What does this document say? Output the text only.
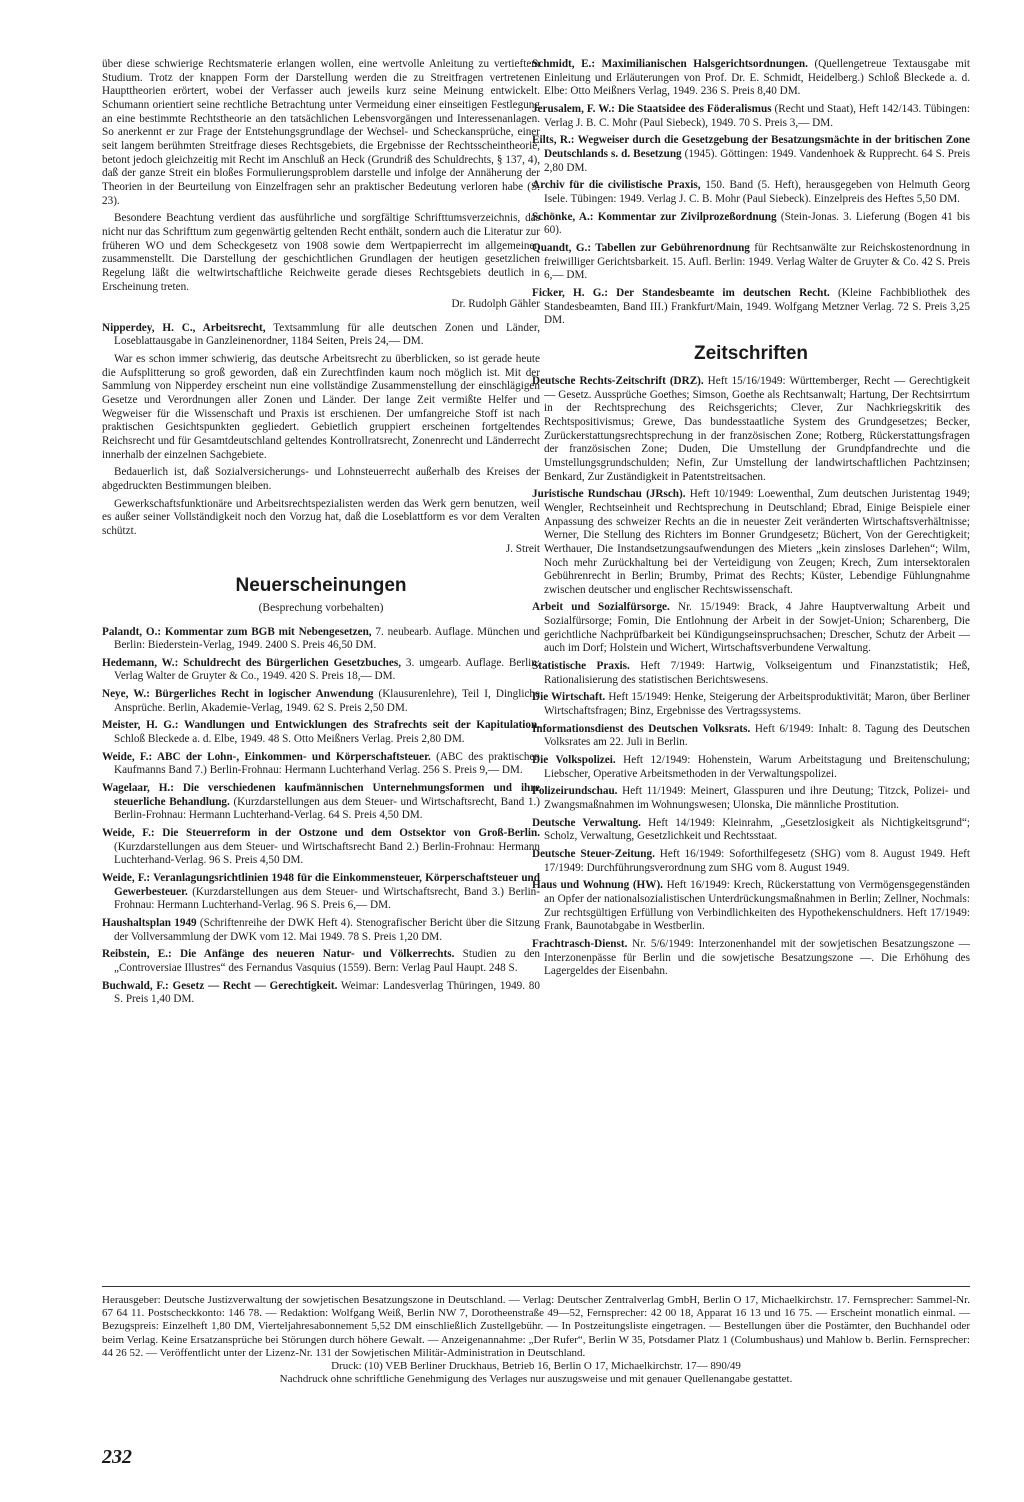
über diese schwierige Rechtsmaterie erlangen wollen, eine wertvolle Anleitung zu vertieftem Studium. Trotz der knappen Form der Darstellung werden die zu Streitfragen vertretenen Haupttheorien erörtert, wobei der Verfasser auch jeweils kurz seine Meinung entwickelt. Schumann orientiert seine rechtliche Betrachtung unter Vermeidung einer einseitigen Festlegung an eine bestimmte Rechtstheorie an den tatsächlichen Lebensvorgängen und Interessenanlagen. So anerkennt er zur Frage der Entstehungsgrundlage der Wechsel- und Scheckansprüche, einer seit langem berühmten Streitfrage dieses Rechtsgebiets, die Ergebnisse der Rechtsscheintheorie, betont jedoch gleichzeitig mit Recht im Anschluß an Heck (Grundriß des Schuldrechts, § 137, 4), daß der ganze Streit ein bloßes Formulierungsproblem darstelle und infolge der Annäherung der Theorien in der Beurteilung von Einzelfragen sehr an praktischer Bedeutung verloren habe (S. 23).

Besondere Beachtung verdient das ausführliche und sorgfältige Schrifttumsverzeichnis, das nicht nur das Schrifttum zum gegenwärtig geltenden Recht enthält, sondern auch die Literatur zur früheren WO und dem Scheckgesetz von 1908 sowie dem Wertpapierrecht im allgemeinen zusammenstellt. Die Darstellung der geschichtlichen Grundlagen der heutigen gesetzlichen Regelung läßt die weltwirtschaftliche Reichweite gerade dieses Rechtsgebiets deutlich in Erscheinung treten.

Dr. Rudolph Gähler

Nipperdey, H. C., Arbeitsrecht, Textsammlung für alle deutschen Zonen und Länder, Loseblattausgabe in Ganzleinenordner, 1184 Seiten, Preis 24,— DM.

War es schon immer schwierig, das deutsche Arbeitsrecht zu überblicken, so ist gerade heute die Aufsplitterung so groß geworden, daß ein Zurechtfinden kaum noch möglich ist. Mit der Sammlung von Nipperdey erscheint nun eine vollständige Zusammenstellung der einschlägigen Gesetze und Verordnungen aller Zonen und Länder. Der lange Zeit vermißte Helfer und Wegweiser für die Wissenschaft und Praxis ist erschienen. Der umfangreiche Stoff ist nach praktischen Gesichtspunkten gegliedert. Gebietlich gruppiert erscheinen fortgeltendes Reichsrecht und für Gesamtdeutschland geltendes Kontrollratsrecht, Zonenrecht und Länderrecht innerhalb der einzelnen Sachgebiete.

Bedauerlich ist, daß Sozialversicherungs- und Lohnsteuerrecht außerhalb des Kreises der abgedruckten Bestimmungen bleiben.

Gewerkschaftsfunktionäre und Arbeitsrechtspezialisten werden das Werk gern benutzen, weil es außer seiner Vollständigkeit noch den Vorzug hat, daß die Loseblattform es vor dem Veralten schützt.

J. Streit

Neuerscheinungen
(Besprechung vorbehalten)
Palandt, O.: Kommentar zum BGB mit Nebengesetzen, 7. neubearb. Auflage. München und Berlin: Biederstein-Verlag, 1949. 2400 S. Preis 46,50 DM.
Hedemann, W.: Schuldrecht des Bürgerlichen Gesetzbuches, 3. umgearb. Auflage. Berlin: Verlag Walter de Gruyter & Co., 1949. 420 S. Preis 18,— DM.
Neye, W.: Bürgerliches Recht in logischer Anwendung (Klausurenlehre), Teil I, Dingliche Ansprüche. Berlin, Akademie-Verlag, 1949. 62 S. Preis 2,50 DM.
Meister, H. G.: Wandlungen und Entwicklungen des Strafrechts seit der Kapitulation. Schloß Bleckede a. d. Elbe, 1949. 48 S. Otto Meißners Verlag. Preis 2,80 DM.
Weide, F.: ABC der Lohn-, Einkommen- und Körperschaftsteuer. (ABC des praktischen Kaufmanns Band 7.) Berlin-Frohnau: Hermann Luchterhand Verlag. 256 S. Preis 9,— DM.
Wagelaar, H.: Die verschiedenen kaufmännischen Unternehmungsformen und ihre steuerliche Behandlung. (Kurzdarstellungen aus dem Steuer- und Wirtschaftsrecht, Band 1.) Berlin-Frohnau: Hermann Luchterhand-Verlag. 64 S. Preis 4,50 DM.
Weide, F.: Die Steuerreform in der Ostzone und dem Ostsektor von Groß-Berlin. (Kurzdarstellungen aus dem Steuer- und Wirtschaftsrecht Band 2.) Berlin-Frohnau: Hermann Luchterhand-Verlag. 96 S. Preis 4,50 DM.
Weide, F.: Veranlagungsrichtlinien 1948 für die Einkommensteuer, Körperschaftsteuer und Gewerbesteuer. (Kurzdarstellungen aus dem Steuer- und Wirtschaftsrecht, Band 3.) Berlin-Frohnau: Hermann Luchterhand-Verlag. 96 S. Preis 6,— DM.
Haushaltsplan 1949 (Schriftenreihe der DWK Heft 4). Stenografischer Bericht über die Sitzung der Vollversammlung der DWK vom 12. Mai 1949. 78 S. Preis 1,20 DM.
Reibstein, E.: Die Anfänge des neueren Natur- und Völkerrechts. Studien zu den „Controversiae Illustres“ des Fernandus Vasquius (1559). Bern: Verlag Paul Haupt. 248 S.
Buchwald, F.: Gesetz — Recht — Gerechtigkeit. Weimar: Landesverlag Thüringen, 1949. 80 S. Preis 1,40 DM.
Schmidt, E.: Maximilianischen Halsgerichtsordnungen. (Quellengetreue Textausgabe mit Einleitung und Erläuterungen von Prof. Dr. E. Schmidt, Heidelberg.) Schloß Bleckede a. d. Elbe: Otto Meißners Verlag, 1949. 236 S. Preis 8,40 DM.
Jerusalem, F. W.: Die Staatsidee des Föderalismus (Recht und Staat), Heft 142/143. Tübingen: Verlag J. B. C. Mohr (Paul Siebeck), 1949. 70 S. Preis 3,— DM.
Eilts, R.: Wegweiser durch die Gesetzgebung der Besatzungsmächte in der britischen Zone Deutschlands s. d. Besetzung (1945). Göttingen: 1949. Vandenhoek & Rupprecht. 64 S. Preis 2,80 DM.
Archiv für die civilistische Praxis, 150. Band (5. Heft), herausgegeben von Helmuth Georg Isele. Tübingen: 1949. Verlag J. C. B. Mohr (Paul Siebeck). Einzelpreis des Heftes 5,50 DM.
Schönke, A.: Kommentar zur Zivilprozeßordnung (Stein-Jonas. 3. Lieferung (Bogen 41 bis 60).
Quandt, G.: Tabellen zur Gebührenordnung für Rechtsanwälte zur Reichskostenordnung in freiwilliger Gerichtsbarkeit. 15. Aufl. Berlin: 1949. Verlag Walter de Gruyter & Co. 42 S. Preis 6,— DM.
Ficker, H. G.: Der Standesbeamte im deutschen Recht. (Kleine Fachbibliothek des Standesbeamten, Band III.) Frankfurt/Main, 1949. Wolfgang Metzner Verlag. 72 S. Preis 3,25 DM.
Zeitschriften
Deutsche Rechts-Zeitschrift (DRZ). Heft 15/16/1949: Württemberger, Recht — Gerechtigkeit — Gesetz. Aussprüche Goethes; Simson, Goethe als Rechtsanwalt; Hartung, Der Rechtsirrtum in der Rechtsprechung des Reichsgerichts; Clever, Zur Nachkriegskritik des Rechtspositivismus; Grewe, Das bundesstaatliche System des Grundgesetzes; Becker, Zurückerstattungsrechtsprechung in der französischen Zone; Rotberg, Rückerstattungsfragen der französischen Zone; Duden, Die Umstellung der Grundpfandrechte und die Umstellungsgrundschulden; Nefin, Zur Umstellung der landwirtschaftlichen Pachtzinsen; Benkard, Zur Zuständigkeit in Patentstreitsachen.
Juristische Rundschau (JRsch). Heft 10/1949: Loewenthal, Zum deutschen Juristentag 1949; Wengler, Rechtseinheit und Rechtsprechung in Deutschland; Ebrad, Einige Beispiele einer Anpassung des schweizer Rechts an die in neuester Zeit veränderten Wirtschaftsverhältnisse; Werner, Die Stellung des Richters im Bonner Grundgesetz; Büchert, Von der Gerechtigkeit; Werthauer, Die Instandsetzungsaufwendungen des Mieters „kein zinsloses Darlehen“; Wilm, Noch mehr Zurückhaltung bei der Verteidigung von Zeugen; Krech, Zum intersektoralen Gebührenrecht in Berlin; Brumby, Primat des Rechts; Küster, Lebendige Fühlungnahme zwischen deutscher und englischer Rechtswissenschaft.
Arbeit und Sozialfürsorge. Nr. 15/1949: Brack, 4 Jahre Hauptverwaltung Arbeit und Sozialfürsorge; Fomin, Die Entlohnung der Arbeit in der Sowjet-Union; Scharenberg, Die gerichtliche Nachprüfbarkeit bei Kündigungseinspruchsachen; Drescher, Schutz der Arbeit — auch im Dorf; Holstein und Wichert, Wirtschaftsverbundene Verwaltung.
Statistische Praxis. Heft 7/1949: Hartwig, Volkseigentum und Finanzstatistik; Heß, Rationalisierung des statistischen Berichtswesens.
Die Wirtschaft. Heft 15/1949: Henke, Steigerung der Arbeitsproduktivität; Maron, über Berliner Wirtschaftsfragen; Binz, Ergebnisse des Vertragssystems.
Informationsdienst des Deutschen Volksrats. Heft 6/1949: Inhalt: 8. Tagung des Deutschen Volksrates am 22. Juli in Berlin.
Die Volkspolizei. Heft 12/1949: Hohenstein, Warum Arbeitstagung und Breitenschulung; Liebscher, Operative Arbeitsmethoden in der Verwaltungspolizei.
Polizeirundschau. Heft 11/1949: Meinert, Glasspuren und ihre Deutung; Titzck, Polizei- und Zwangsmaßnahmen im Wohnungswesen; Ulonska, Die männliche Prostitution.
Deutsche Verwaltung. Heft 14/1949: Kleinrahm, „Gesetzlosigkeit als Nichtigkeitsgrund“; Scholz, Verwaltung, Gesetzlichkeit und Rechtsstaat.
Deutsche Steuer-Zeitung. Heft 16/1949: Soforthilfegesetz (SHG) vom 8. August 1949. Heft 17/1949: Durchführungsverordnung zum SHG vom 8. August 1949.
Haus und Wohnung (HW). Heft 16/1949: Krech, Rückerstattung von Vermögensgegenständen an Opfer der nationalsozialistischen Unterdrückungsmaßnahmen in Berlin; Zellner, Nochmals: Zur rechtsgültigen Erfüllung von Verbindlichkeiten des Hypothekenschuldners. Heft 17/1949: Frank, Baunotabgabe in Westberlin.
Frachtrasch-Dienst. Nr. 5/6/1949: Interzonenhandel mit der sowjetischen Besatzungszone — Interzonenpässe für Berlin und die sowjetische Besatzungszone —. Die Erhöhung des Lagergeldes der Eisenbahn.

Herausgeber: Deutsche Justizverwaltung der sowjetischen Besatzungszone in Deutschland. — Verlag: Deutscher Zentralverlag GmbH, Berlin O 17, Michaelkirchstr. 17. Fernsprecher: Sammel-Nr. 67 64 11. Postscheckkonto: 146 78. — Redaktion: Wolfgang Weiß, Berlin NW 7, Dorotheenstraße 49—52, Fernsprecher: 42 00 18, Apparat 16 13 und 16 75. — Erscheint monatlich einmal. — Bezugspreis: Einzelheft 1,80 DM, Vierteljahresabonnement 5,52 DM einschließlich Zustellgebühr. — In Postzeitungsliste eingetragen. — Bestellungen über die Postämter, den Buchhandel oder beim Verlag. Keine Ersatzansprüche bei Störungen durch höhere Gewalt. — Anzeigenannahme: „Der Rufer“, Berlin W 35, Potsdamer Platz 1 (Columbushaus) und Mahlow b. Berlin. Fernsprecher: 44 26 52. — Veröffentlicht unter der Lizenz-Nr. 131 der Sowjetischen Militär-Administration in Deutschland.

Druck: (10) VEB Berliner Druckhaus, Betrieb 16, Berlin O 17, Michaelkirchstr. 17— 890/49

Nachdruck ohne schriftliche Genehmigung des Verlages nur auszugsweise und mit genauer Quellenangabe gestattet.

232
